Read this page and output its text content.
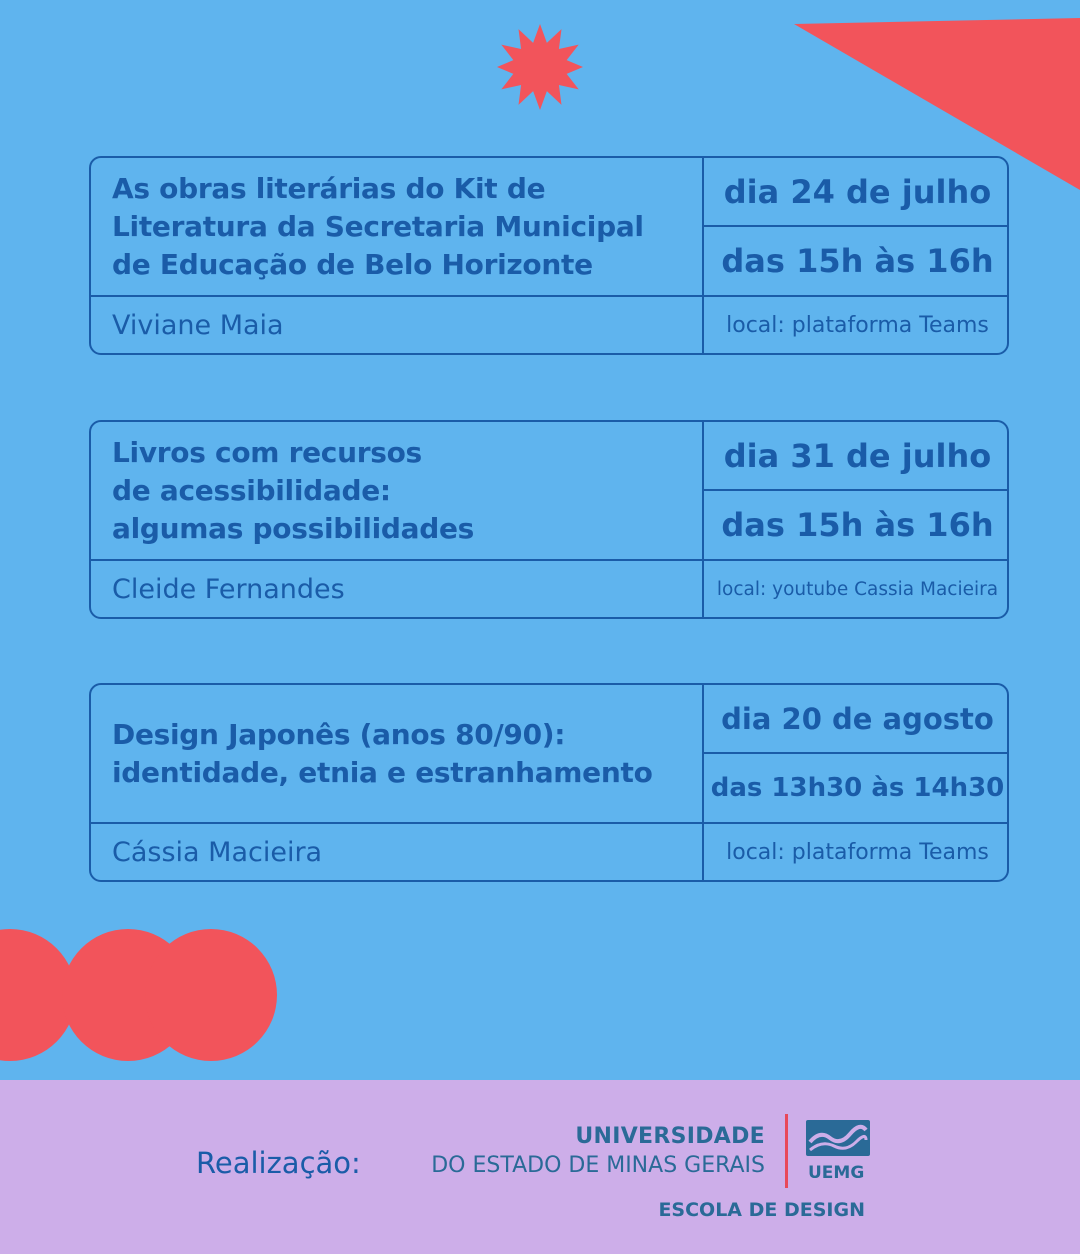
As obras literárias do Kit de
Literatura da Secretaria Municipal
de Educação de Belo Horizonte

dia 24 de julho
das 15h às 16h
Viviane Maia	local: plataforma Teams

Livros com recursos
de acessibilidade:
algumas possibilidades

dia 31 de julho
das 15h às 16h
Cleide Fernandes	local: youtube Cassia Macieira

Design Japonês (anos 80/90):
identidade, etnia e estranhamento

dia 20 de agosto
das 13h30 às 14h30
Cássia Macieira	local: plataforma Teams
Realização:
UNIVERSIDADE
DO ESTADO DE MINAS GERAIS	UEMG
ESCOLA DE DESIGN
